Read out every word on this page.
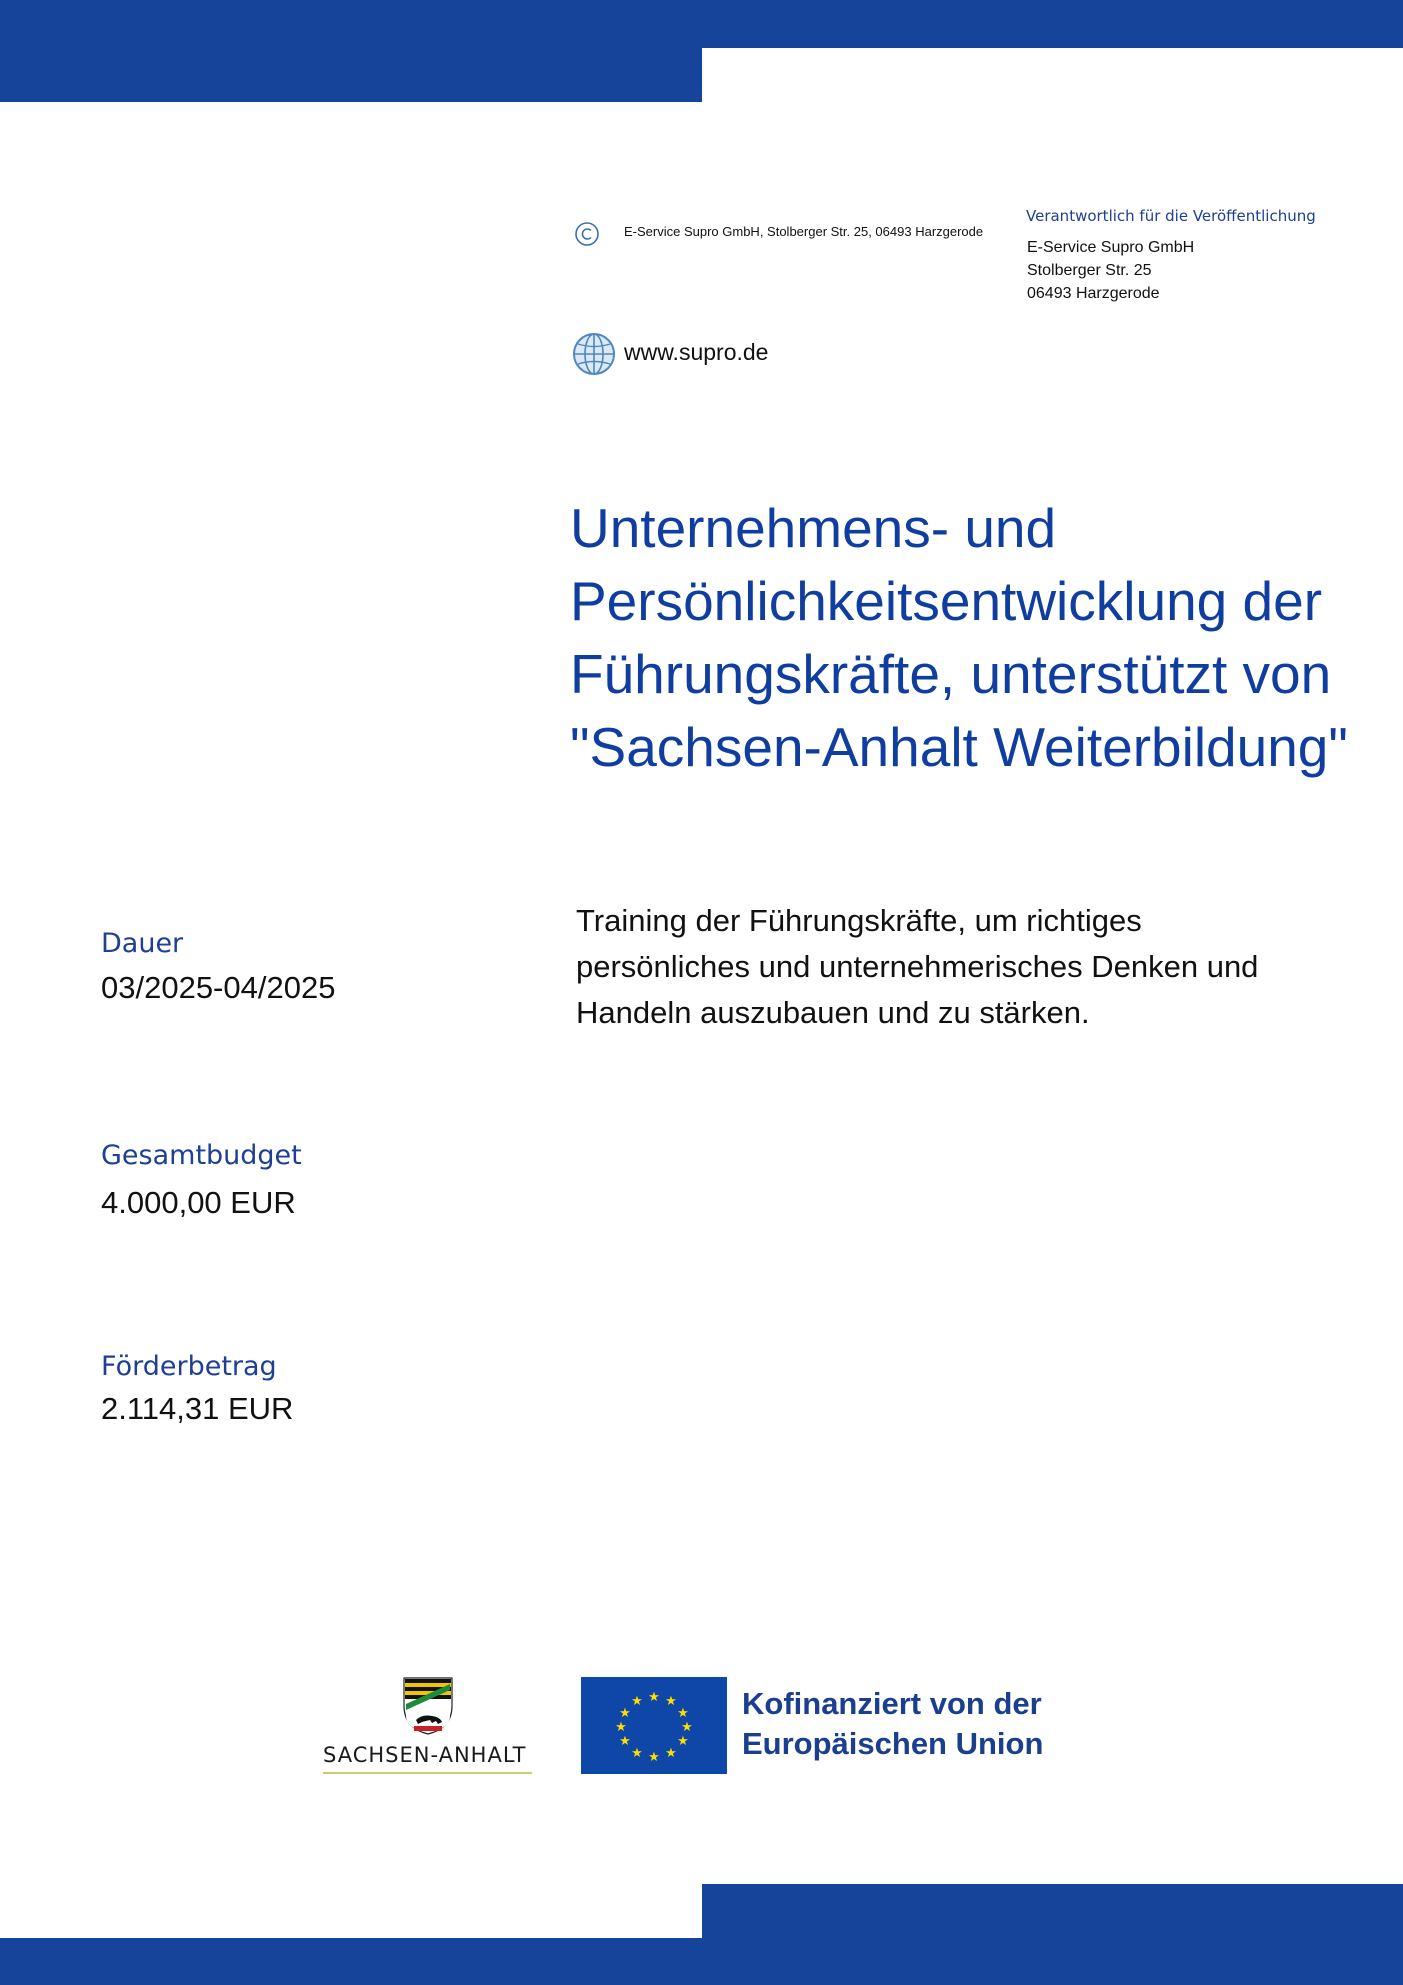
E-Service Supro GmbH, Stolberger Str. 25, 06493 Harzgerode
www.supro.de
Verantwortlich für die Veröffentlichung
E-Service Supro GmbH
Stolberger Str. 25
06493 Harzgerode
Unternehmens- und
Persönlichkeitsentwicklung der
Führungskräfte, unterstützt von
"Sachsen-Anhalt Weiterbildung"
Training der Führungskräfte, um richtiges
persönliches und unternehmerisches Denken und
Handeln auszubauen und zu stärken.
Dauer
03/2025-04/2025
Gesamtbudget
4.000,00 EUR
Förderbetrag
2.114,31 EUR
SACHSEN-ANHALT
★ ★
★
★
★
★
★
★
★
★
★
★	Kofinanziert von der
Europäischen Union
